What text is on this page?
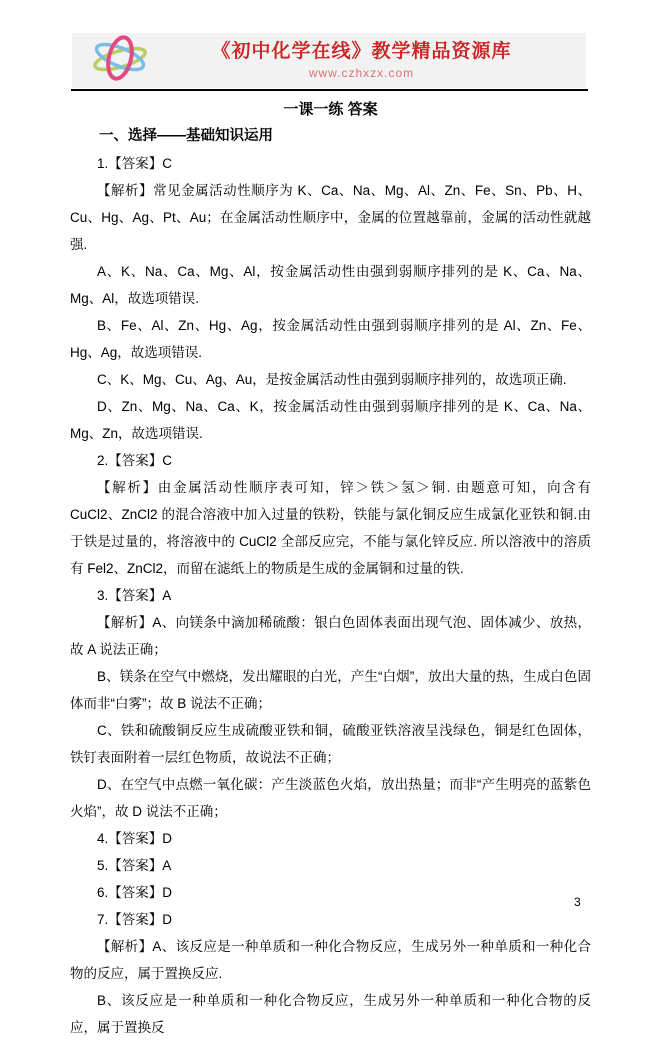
《初中化学在线》教学精品资源库
www.czhxzx.com
一课一练 答案
一、选择――基础知识运用
1.【答案】C
【解析】常见金属活动性顺序为 K、Ca、Na、Mg、Al、Zn、Fe、Sn、Pb、H、Cu、Hg、Ag、Pt、Au；在金属活动性顺序中，金属的位置越靠前，金属的活动性就越强.
A、K、Na、Ca、Mg、Al，按金属活动性由强到弱顺序排列的是 K、Ca、Na、Mg、Al，故选项错误.
B、Fe、Al、Zn、Hg、Ag，按金属活动性由强到弱顺序排列的是 Al、Zn、Fe、Hg、Ag，故选项错误.
C、K、Mg、Cu、Ag、Au，是按金属活动性由强到弱顺序排列的，故选项正确.
D、Zn、Mg、Na、Ca、K，按金属活动性由强到弱顺序排列的是 K、Ca、Na、Mg、Zn，故选项错误.
2.【答案】C
【解析】由金属活动性顺序表可知，锌＞铁＞氢＞铜. 由题意可知，向含有 CuCl2、ZnCl2 的混合溶液中加入过量的铁粉，铁能与氯化铜反应生成氯化亚铁和铜.由于铁是过量的，将溶液中的 CuCl2 全部反应完，不能与氯化锌反应. 所以溶液中的溶质有 Fel2、ZnCl2，而留在滤纸上的物质是生成的金属铜和过量的铁.
3.【答案】A
【解析】A、向镁条中滴加稀硫酸：银白色固体表面出现气泡、固体减少、放热，故 A 说法正确；
B、镁条在空气中燃烧，发出耀眼的白光，产生“白烟”，放出大量的热，生成白色固体而非“白雾”；故 B 说法不正确；
C、铁和硫酸铜反应生成硫酸亚铁和铜，硫酸亚铁溶液呈浅绿色，铜是红色固体，铁钉表面附着一层红色物质，故说法不正确；
D、在空气中点燃一氧化碳：产生淡蓝色火焰，放出热量；而非“产生明亮的蓝紫色火焰”，故 D 说法不正确；
4.【答案】D
5.【答案】A
6.【答案】D
7.【答案】D
【解析】A、该反应是一种单质和一种化合物反应，生成另外一种单质和一种化合物的反应，属于置换反应.
B、该反应是一种单质和一种化合物反应，生成另外一种单质和一种化合物的反应，属于置换反
3
